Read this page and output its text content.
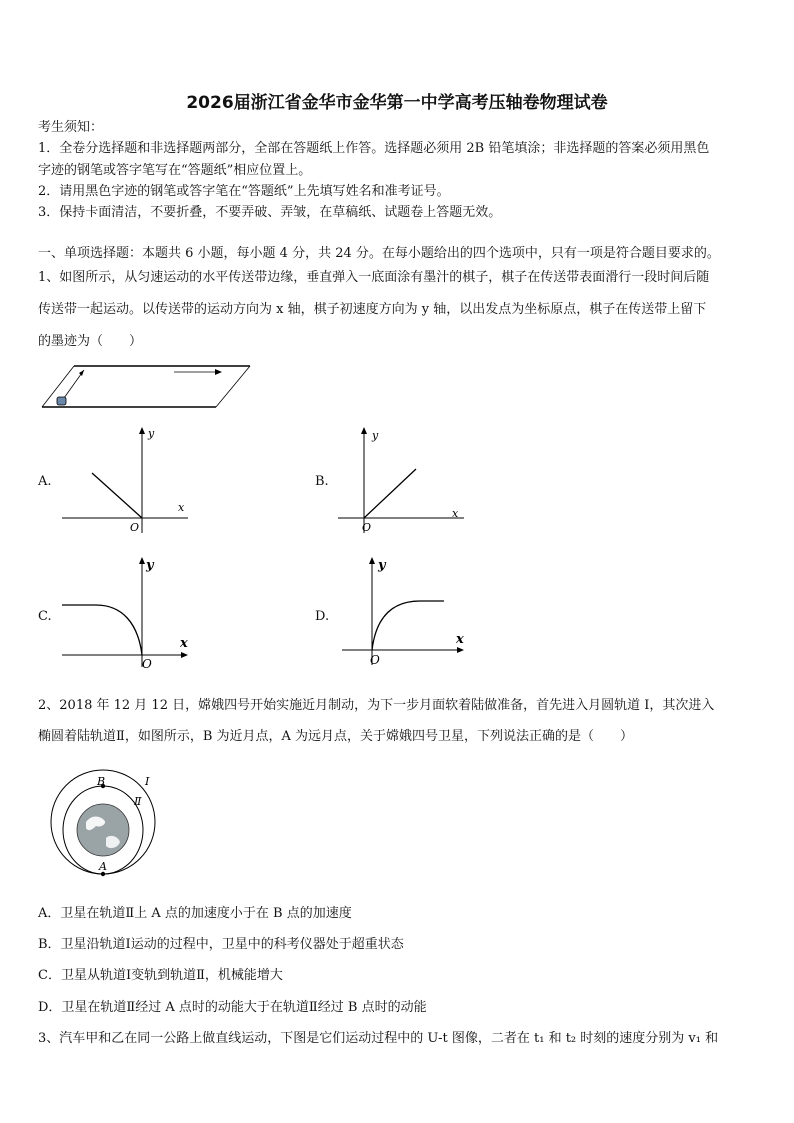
2026届浙江省金华市金华第一中学高考压轴卷物理试卷
考生须知：
1．全卷分选择题和非选择题两部分，全部在答题纸上作答。选择题必须用 2B 铅笔填涂；非选择题的答案必须用黑色
字迹的钢笔或答字笔写在“答题纸”相应位置上。
2．请用黑色字迹的钢笔或答字笔在“答题纸”上先填写姓名和准考证号。
3．保持卡面清洁，不要折叠，不要弄破、弄皱，在草稿纸、试题卷上答题无效。
一、单项选择题：本题共 6 小题，每小题 4 分，共 24 分。在每小题给出的四个选项中，只有一项是符合题目要求的。
1、如图所示，从匀速运动的水平传送带边缘，垂直弹入一底面涂有墨汁的棋子，棋子在传送带表面滑行一段时间后随
传送带一起运动。以传送带的运动方向为 x 轴，棋子初速度方向为 y 轴，以出发点为坐标原点，棋子在传送带上留下
的墨迹为（　　）
A.
y
x
O
B.
y
x
O
C.
y
x
O
D.
y
x
O
2、2018 年 12 月 12 日，嫦娥四号开始实施近月制动，为下一步月面软着陆做准备，首先进入月圆轨道 Ⅰ，其次进入
椭圆着陆轨道Ⅱ，如图所示，B 为近月点，A 为远月点，关于嫦娥四号卫星，下列说法正确的是（　　）
B
A
Ⅰ
Ⅱ
A．卫星在轨道Ⅱ上 A 点的加速度小于在 B 点的加速度
B．卫星沿轨道Ⅰ运动的过程中，卫星中的科考仪器处于超重状态
C．卫星从轨道Ⅰ变轨到轨道Ⅱ，机械能增大
D．卫星在轨道Ⅱ经过 A 点时的动能大于在轨道Ⅱ经过 B 点时的动能
3、汽车甲和乙在同一公路上做直线运动，下图是它们运动过程中的 U-t 图像，二者在 t₁ 和 t₂ 时刻的速度分别为 v₁ 和
